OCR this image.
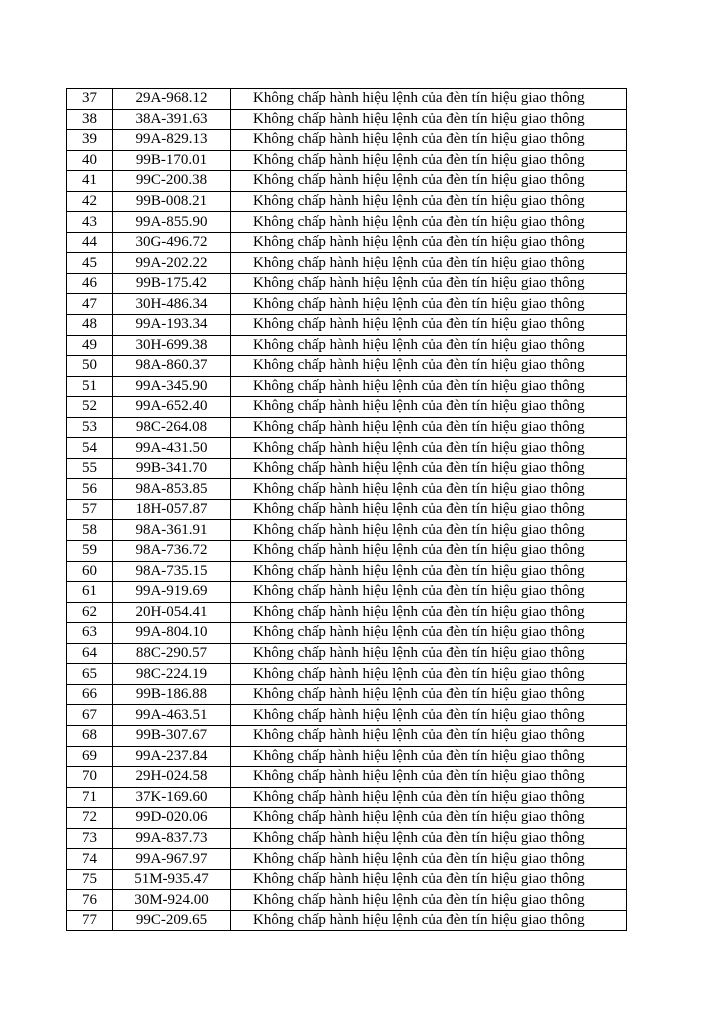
37	29A-968.12	Không chấp hành hiệu lệnh của đèn tín hiệu giao thông
38	38A-391.63	Không chấp hành hiệu lệnh của đèn tín hiệu giao thông
39	99A-829.13	Không chấp hành hiệu lệnh của đèn tín hiệu giao thông
40	99B-170.01	Không chấp hành hiệu lệnh của đèn tín hiệu giao thông
41	99C-200.38	Không chấp hành hiệu lệnh của đèn tín hiệu giao thông
42	99B-008.21	Không chấp hành hiệu lệnh của đèn tín hiệu giao thông
43	99A-855.90	Không chấp hành hiệu lệnh của đèn tín hiệu giao thông
44	30G-496.72	Không chấp hành hiệu lệnh của đèn tín hiệu giao thông
45	99A-202.22	Không chấp hành hiệu lệnh của đèn tín hiệu giao thông
46	99B-175.42	Không chấp hành hiệu lệnh của đèn tín hiệu giao thông
47	30H-486.34	Không chấp hành hiệu lệnh của đèn tín hiệu giao thông
48	99A-193.34	Không chấp hành hiệu lệnh của đèn tín hiệu giao thông
49	30H-699.38	Không chấp hành hiệu lệnh của đèn tín hiệu giao thông
50	98A-860.37	Không chấp hành hiệu lệnh của đèn tín hiệu giao thông
51	99A-345.90	Không chấp hành hiệu lệnh của đèn tín hiệu giao thông
52	99A-652.40	Không chấp hành hiệu lệnh của đèn tín hiệu giao thông
53	98C-264.08	Không chấp hành hiệu lệnh của đèn tín hiệu giao thông
54	99A-431.50	Không chấp hành hiệu lệnh của đèn tín hiệu giao thông
55	99B-341.70	Không chấp hành hiệu lệnh của đèn tín hiệu giao thông
56	98A-853.85	Không chấp hành hiệu lệnh của đèn tín hiệu giao thông
57	18H-057.87	Không chấp hành hiệu lệnh của đèn tín hiệu giao thông
58	98A-361.91	Không chấp hành hiệu lệnh của đèn tín hiệu giao thông
59	98A-736.72	Không chấp hành hiệu lệnh của đèn tín hiệu giao thông
60	98A-735.15	Không chấp hành hiệu lệnh của đèn tín hiệu giao thông
61	99A-919.69	Không chấp hành hiệu lệnh của đèn tín hiệu giao thông
62	20H-054.41	Không chấp hành hiệu lệnh của đèn tín hiệu giao thông
63	99A-804.10	Không chấp hành hiệu lệnh của đèn tín hiệu giao thông
64	88C-290.57	Không chấp hành hiệu lệnh của đèn tín hiệu giao thông
65	98C-224.19	Không chấp hành hiệu lệnh của đèn tín hiệu giao thông
66	99B-186.88	Không chấp hành hiệu lệnh của đèn tín hiệu giao thông
67	99A-463.51	Không chấp hành hiệu lệnh của đèn tín hiệu giao thông
68	99B-307.67	Không chấp hành hiệu lệnh của đèn tín hiệu giao thông
69	99A-237.84	Không chấp hành hiệu lệnh của đèn tín hiệu giao thông
70	29H-024.58	Không chấp hành hiệu lệnh của đèn tín hiệu giao thông
71	37K-169.60	Không chấp hành hiệu lệnh của đèn tín hiệu giao thông
72	99D-020.06	Không chấp hành hiệu lệnh của đèn tín hiệu giao thông
73	99A-837.73	Không chấp hành hiệu lệnh của đèn tín hiệu giao thông
74	99A-967.97	Không chấp hành hiệu lệnh của đèn tín hiệu giao thông
75	51M-935.47	Không chấp hành hiệu lệnh của đèn tín hiệu giao thông
76	30M-924.00	Không chấp hành hiệu lệnh của đèn tín hiệu giao thông
77	99C-209.65	Không chấp hành hiệu lệnh của đèn tín hiệu giao thông
